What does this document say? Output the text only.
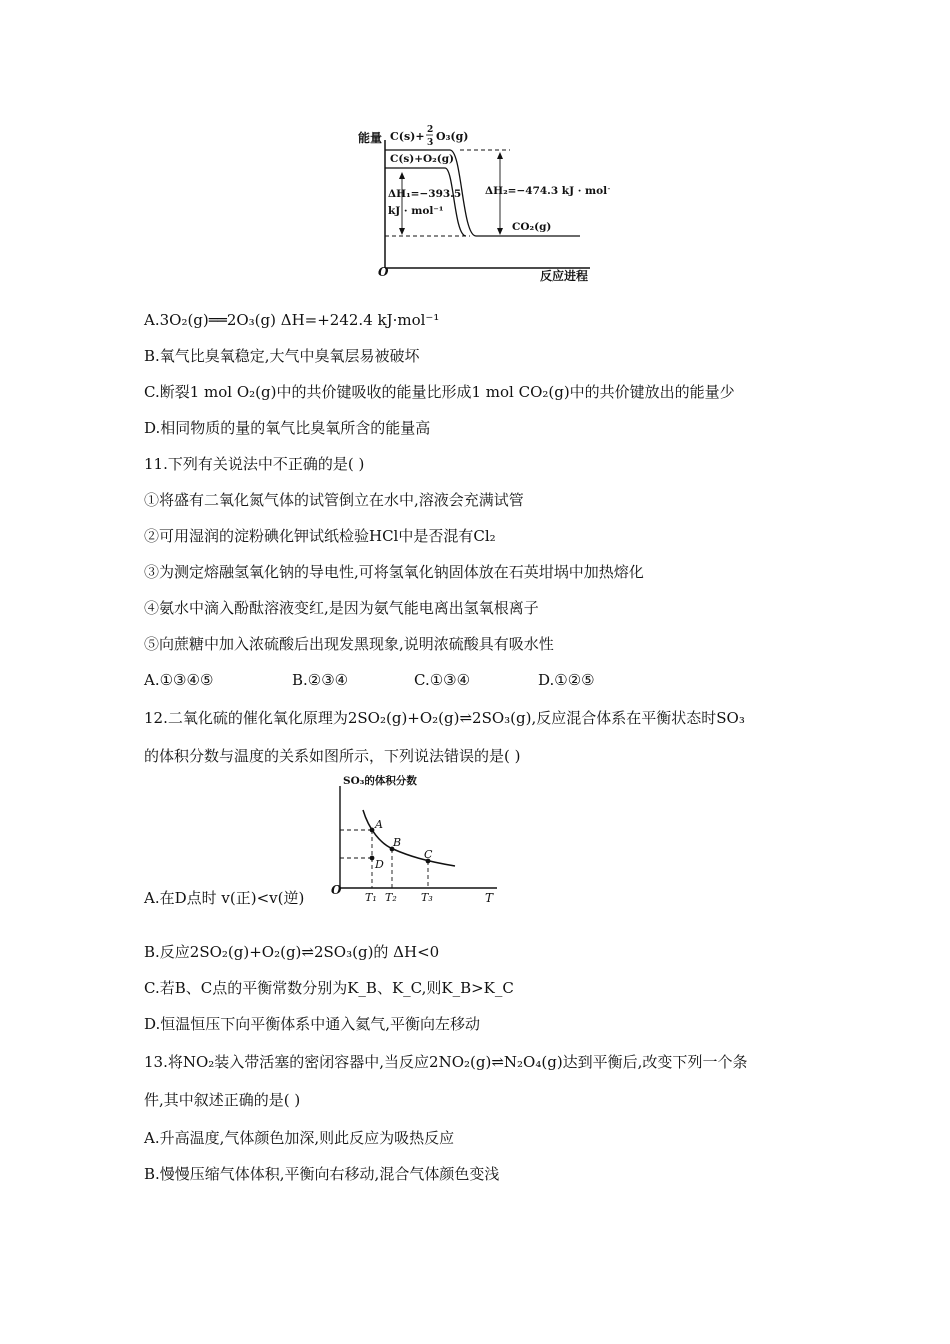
能量
O	反应进程
C(s)+ 2
3 O₃(g)
C(s)+O₂(g)
ΔH₁=−393.5
kJ · mol⁻¹
ΔH₂=−474.3 kJ · mol⁻¹
CO₂(g)
A.3O₂(g)══2O₃(g) ΔH=+242.4 kJ·mol⁻¹
B.氧气比臭氧稳定,大气中臭氧层易被破坏
C.断裂1 mol O₂(g)中的共价键吸收的能量比形成1 mol CO₂(g)中的共价键放出的能量少
D.相同物质的量的氧气比臭氧所含的能量高
11.下列有关说法中不正确的是( )
①将盛有二氧化氮气体的试管倒立在水中,溶液会充满试管
②可用湿润的淀粉碘化钾试纸检验HCl中是否混有Cl₂
③为测定熔融氢氧化钠的导电性,可将氢氧化钠固体放在石英坩埚中加热熔化
④氨水中滴入酚酞溶液变红,是因为氨气能电离出氢氧根离子
⑤向蔗糖中加入浓硫酸后出现发黑现象,说明浓硫酸具有吸水性
A.①③④⑤	B.②③④	C.①③④	D.①②⑤
12.二氧化硫的催化氧化原理为2SO₂(g)+O₂(g)⇌2SO₃(g),反应混合体系在平衡状态时SO₃
的体积分数与温度的关系如图所示，下列说法错误的是( )
SO₃的体积分数
O
T
A
B
C
D
T₁ T₂ T₃
A.在D点时 v(正)<v(逆)
B.反应2SO₂(g)+O₂(g)⇌2SO₃(g)的 ΔH<0
C.若B、C点的平衡常数分别为K_B、K_C,则K_B>K_C
D.恒温恒压下向平衡体系中通入氦气,平衡向左移动
13.将NO₂装入带活塞的密闭容器中,当反应2NO₂(g)⇌N₂O₄(g)达到平衡后,改变下列一个条
件,其中叙述正确的是( )
A.升高温度,气体颜色加深,则此反应为吸热反应
B.慢慢压缩气体体积,平衡向右移动,混合气体颜色变浅
